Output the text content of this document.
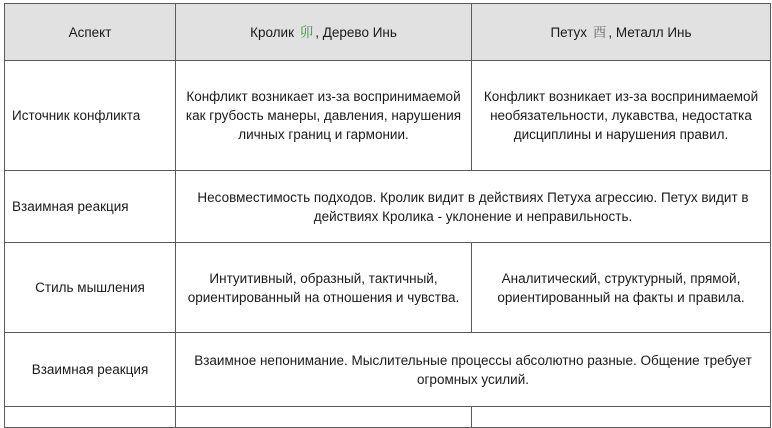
Аспект	Кролик 卯 , Дерево Инь	Петух 酉 , Металл Инь
Источник конфликта	Конфликт возникает из-за воспринимаемой как грубость манеры, давления, нарушения личных границ и гармонии.	Конфликт возникает из-за воспринимаемой необязательности, лукавства, недостатка дисциплины и нарушения правил.
Взаимная реакция	Несовместимость подходов. Кролик видит в действиях Петуха агрессию. Петух видит в действиях Кролика - уклонение и неправильность.	
Стиль мышления	Интуитивный, образный, тактичный, ориентированный на отношения и чувства.	Аналитический, структурный, прямой, ориентированный на факты и правила.
Взаимная реакция	Взаимное непонимание. Мыслительные процессы абсолютно разные. Общение требует огромных усилий.	
